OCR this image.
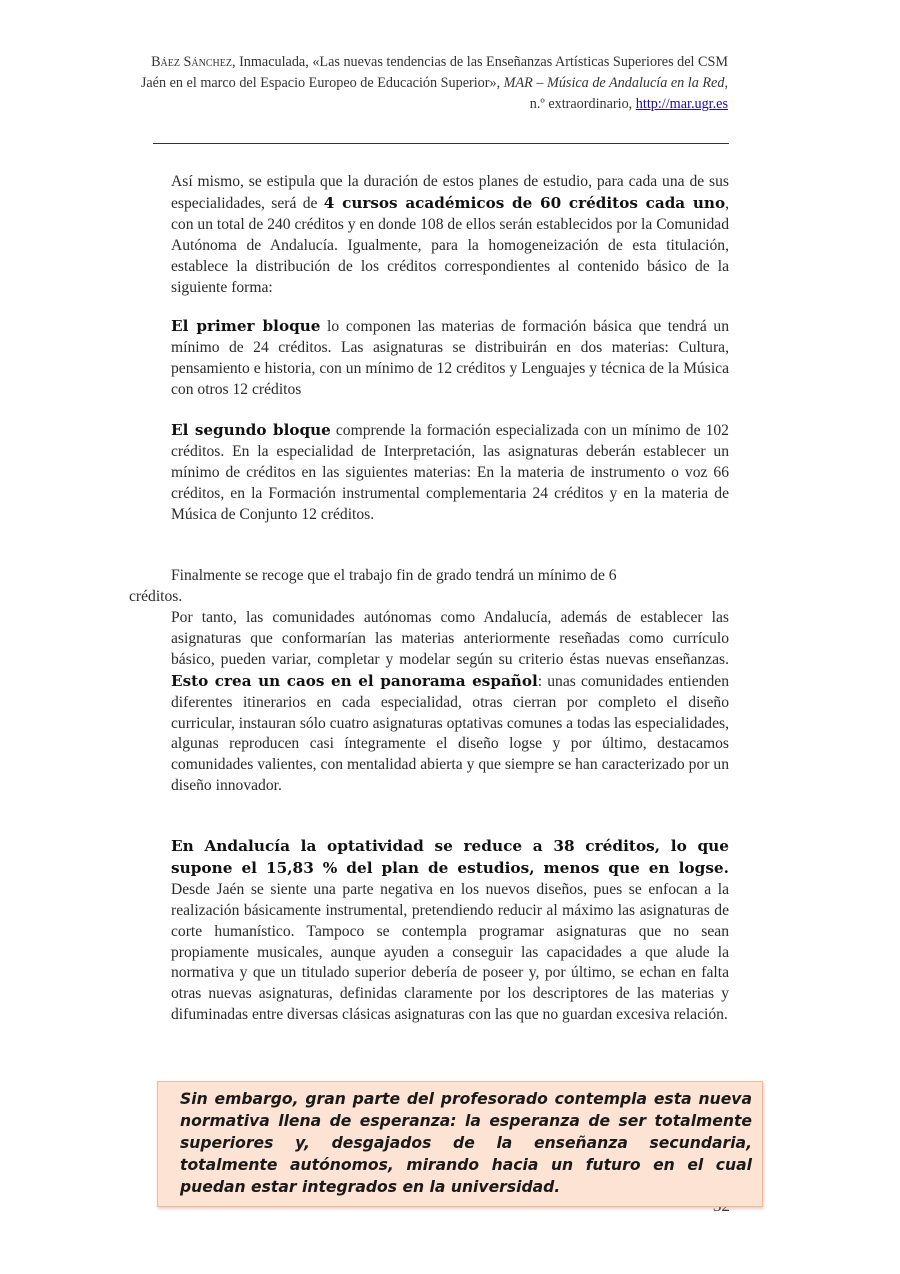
Báez Sánchez, Inmaculada, «Las nuevas tendencias de las Enseñanzas Artísticas Superiores del CSM Jaén en el marco del Espacio Europeo de Educación Superior», MAR – Música de Andalucía en la Red, n.º extraordinario, http://mar.ugr.es
Así mismo, se estipula que la duración de estos planes de estudio, para cada una de sus especialidades, será de 4 cursos académicos de 60 créditos cada uno, con un total de 240 créditos y en donde 108 de ellos serán establecidos por la Comunidad Autónoma de Andalucía. Igualmente, para la homogeneización de esta titulación, establece la distribución de los créditos correspondientes al contenido básico de la siguiente forma:
El primer bloque lo componen las materias de formación básica que tendrá un mínimo de 24 créditos. Las asignaturas se distribuirán en dos materias: Cultura, pensamiento e historia, con un mínimo de 12 créditos y Lenguajes y técnica de la Música con otros 12 créditos
El segundo bloque comprende la formación especializada con un mínimo de 102 créditos. En la especialidad de Interpretación, las asignaturas deberán establecer un mínimo de créditos en las siguientes materias: En la materia de instrumento o voz 66 créditos, en la Formación instrumental complementaria 24 créditos y en la materia de Música de Conjunto 12 créditos.
Finalmente se recoge que el trabajo fin de grado tendrá un mínimo de 6
créditos.
Por tanto, las comunidades autónomas como Andalucía, además de establecer las asignaturas que conformarían las materias anteriormente reseñadas como currículo básico, pueden variar, completar y modelar según su criterio éstas nuevas enseñanzas. Esto crea un caos en el panorama español: unas comunidades entienden diferentes itinerarios en cada especialidad, otras cierran por completo el diseño curricular, instauran sólo cuatro asignaturas optativas comunes a todas las especialidades, algunas reproducen casi íntegramente el diseño logse y por último, destacamos comunidades valientes, con mentalidad abierta y que siempre se han caracterizado por un diseño innovador.
En Andalucía la optatividad se reduce a 38 créditos, lo que supone el 15,83 % del plan de estudios, menos que en logse. Desde Jaén se siente una parte negativa en los nuevos diseños, pues se enfocan a la realización básicamente instrumental, pretendiendo reducir al máximo las asignaturas de corte humanístico. Tampoco se contempla programar asignaturas que no sean propiamente musicales, aunque ayuden a conseguir las capacidades a que alude la normativa y que un titulado superior debería de poseer y, por último, se echan en falta otras nuevas asignaturas, definidas claramente por los descriptores de las materias y difuminadas entre diversas clásicas asignaturas con las que no guardan excesiva relación.

Sin embargo, gran parte del profesorado contempla esta nueva normativa llena de esperanza: la esperanza de ser totalmente superiores y, desgajados de la enseñanza secundaria, totalmente autónomos, mirando hacia un futuro en el cual puedan estar integrados en la universidad.
